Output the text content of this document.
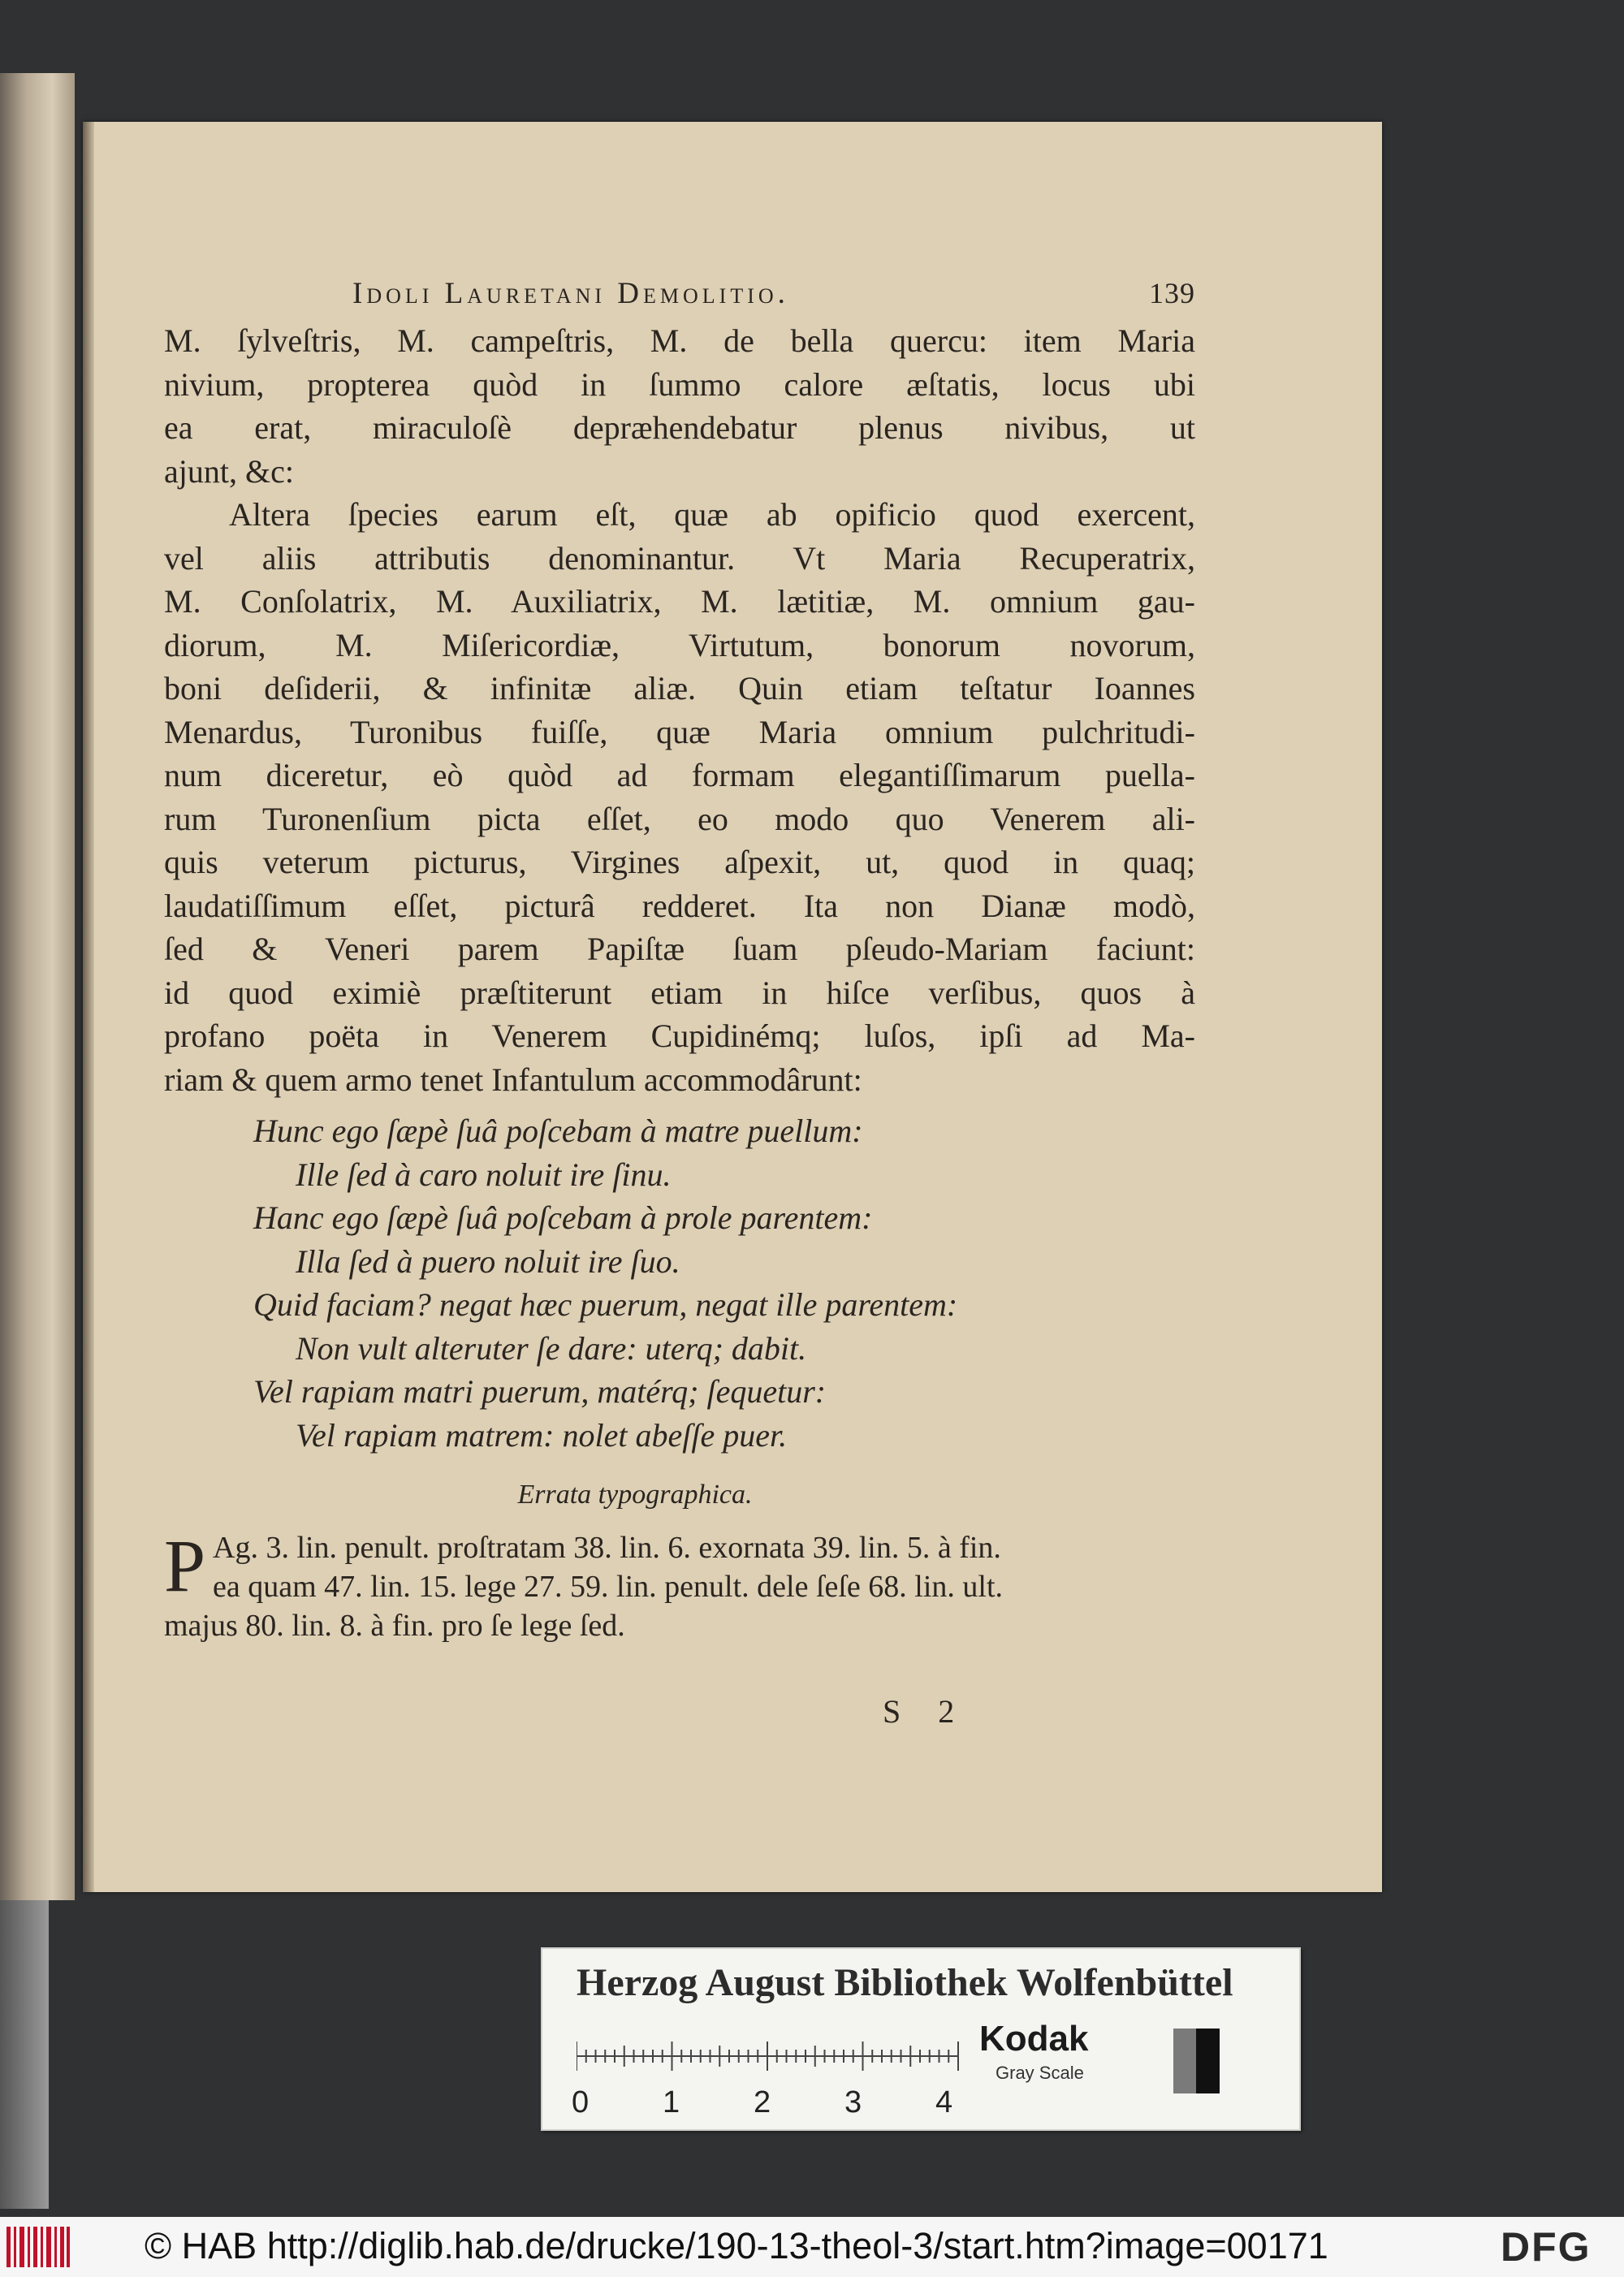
Idoli Lauretani Demolitio.	139
M. ſylveſtris, M. campeſtris, M. de bella quercu: item Maria
nivium, propterea quòd in ſummo calore æſtatis, locus ubi
ea erat, miraculoſè depræhendebatur plenus nivibus, ut
ajunt, &c:
Altera ſpecies earum eſt, quæ ab opificio quod exercent,
vel aliis attributis denominantur. Vt Maria Recuperatrix,
M. Conſolatrix, M. Auxiliatrix, M. lætitiæ, M. omnium gau-
diorum, M. Miſericordiæ, Virtutum, bonorum novorum,
boni deſiderii, & infinitæ aliæ. Quin etiam teſtatur Ioannes
Menardus, Turonibus fuiſſe, quæ Maria omnium pulchritudi-
num diceretur, eò quòd ad formam elegantiſſimarum puella-
rum Turonenſium picta eſſet, eo modo quo Venerem ali-
quis veterum picturus, Virgines aſpexit, ut, quod in quaq;
laudatiſſimum eſſet, picturâ redderet. Ita non Dianæ modò,
ſed & Veneri parem Papiſtæ ſuam pſeudo-Mariam faciunt:
id quod eximiè præſtiterunt etiam in hiſce verſibus, quos à
profano poëta in Venerem Cupidinémq; luſos, ipſi ad Ma-
riam & quem armo tenet Infantulum accommodârunt:
Hunc ego ſæpè ſuâ poſcebam à matre puellum:
Ille ſed à caro noluit ire ſinu.
Hanc ego ſæpè ſuâ poſcebam à prole parentem:
Illa ſed à puero noluit ire ſuo.
Quid faciam? negat hæc puerum, negat ille parentem:
Non vult alteruter ſe dare: uterq; dabit.
Vel rapiam matri puerum, matérq; ſequetur:
Vel rapiam matrem: nolet abeſſe puer.
Errata typographica.
P Ag. 3. lin. penult. proſtratam 38. lin. 6. exornata 39. lin. 5. à fin.
ea quam 47. lin. 15. lege 27. 59. lin. penult. dele ſeſe 68. lin. ult.
majus 80. lin. 8. à fin. pro ſe lege ſed.
S 2
Herzog August Bibliothek Wolfenbüttel
0 1 2 3 4
Kodak
Gray Scale
© HAB http://diglib.hab.de/drucke/190-13-theol-3/start.htm?image=00171	DFG
